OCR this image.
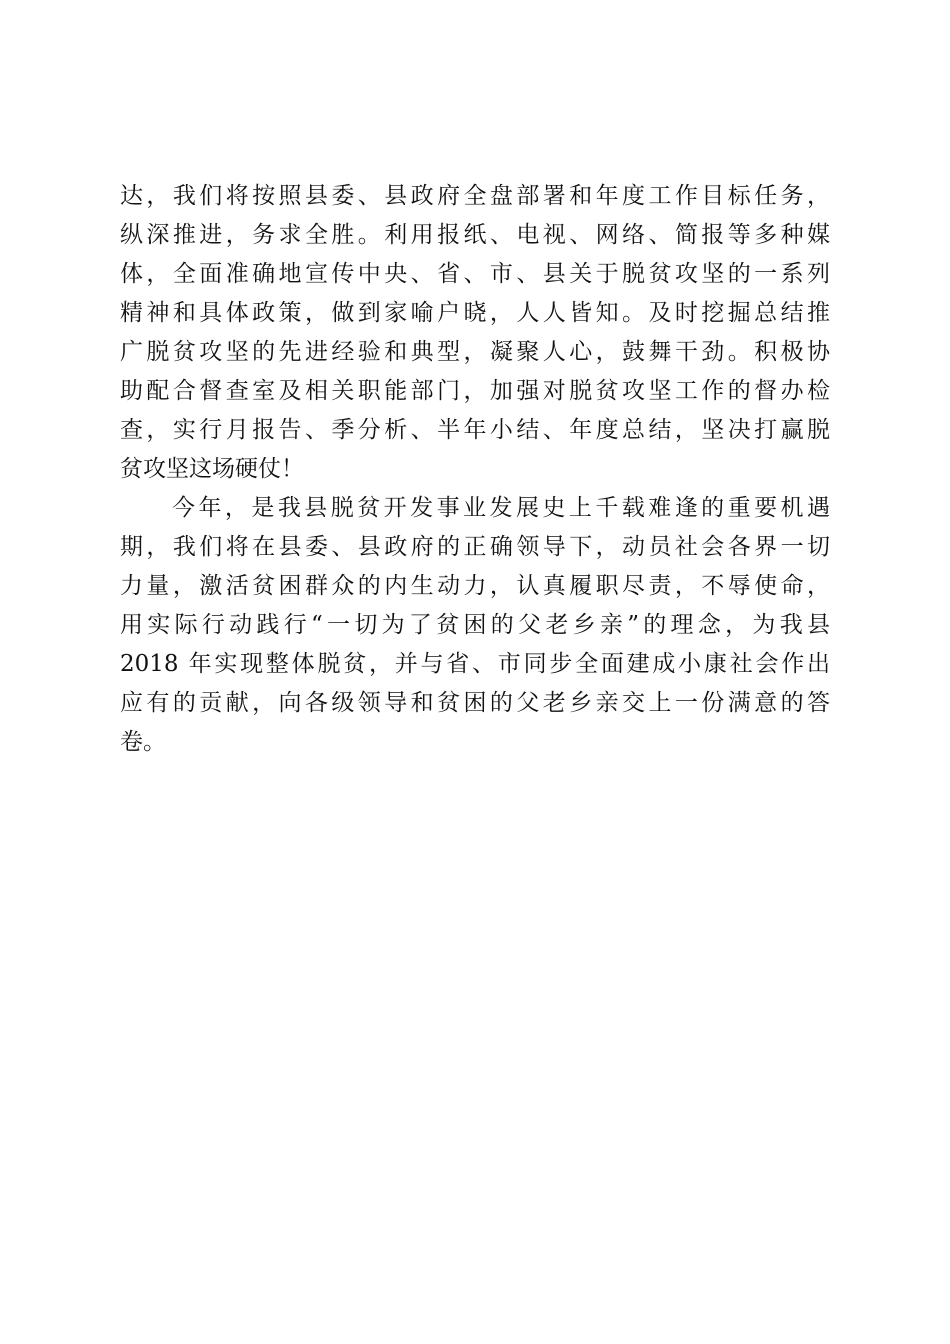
达，我们将按照县委、县政府全盘部署和年度工作目标任务，
纵深推进，务求全胜。利用报纸、电视、网络、简报等多种媒
体，全面准确地宣传中央、省、市、县关于脱贫攻坚的一系列
精神和具体政策，做到家喻户晓，人人皆知。及时挖掘总结推
广脱贫攻坚的先进经验和典型，凝聚人心，鼓舞干劲。积极协
助配合督查室及相关职能部门，加强对脱贫攻坚工作的督办检
查，实行月报告、季分析、半年小结、年度总结，坚决打赢脱
贫攻坚这场硬仗！
今年，是我县脱贫开发事业发展史上千载难逢的重要机遇
期，我们将在县委、县政府的正确领导下，动员社会各界一切
力量，激活贫困群众的内生动力，认真履职尽责，不辱使命，
用实际行动践行“一切为了贫困的父老乡亲”的理念，为我县
2018 年实现整体脱贫，并与省、市同步全面建成小康社会作出
应有的贡献，向各级领导和贫困的父老乡亲交上一份满意的答
卷。
